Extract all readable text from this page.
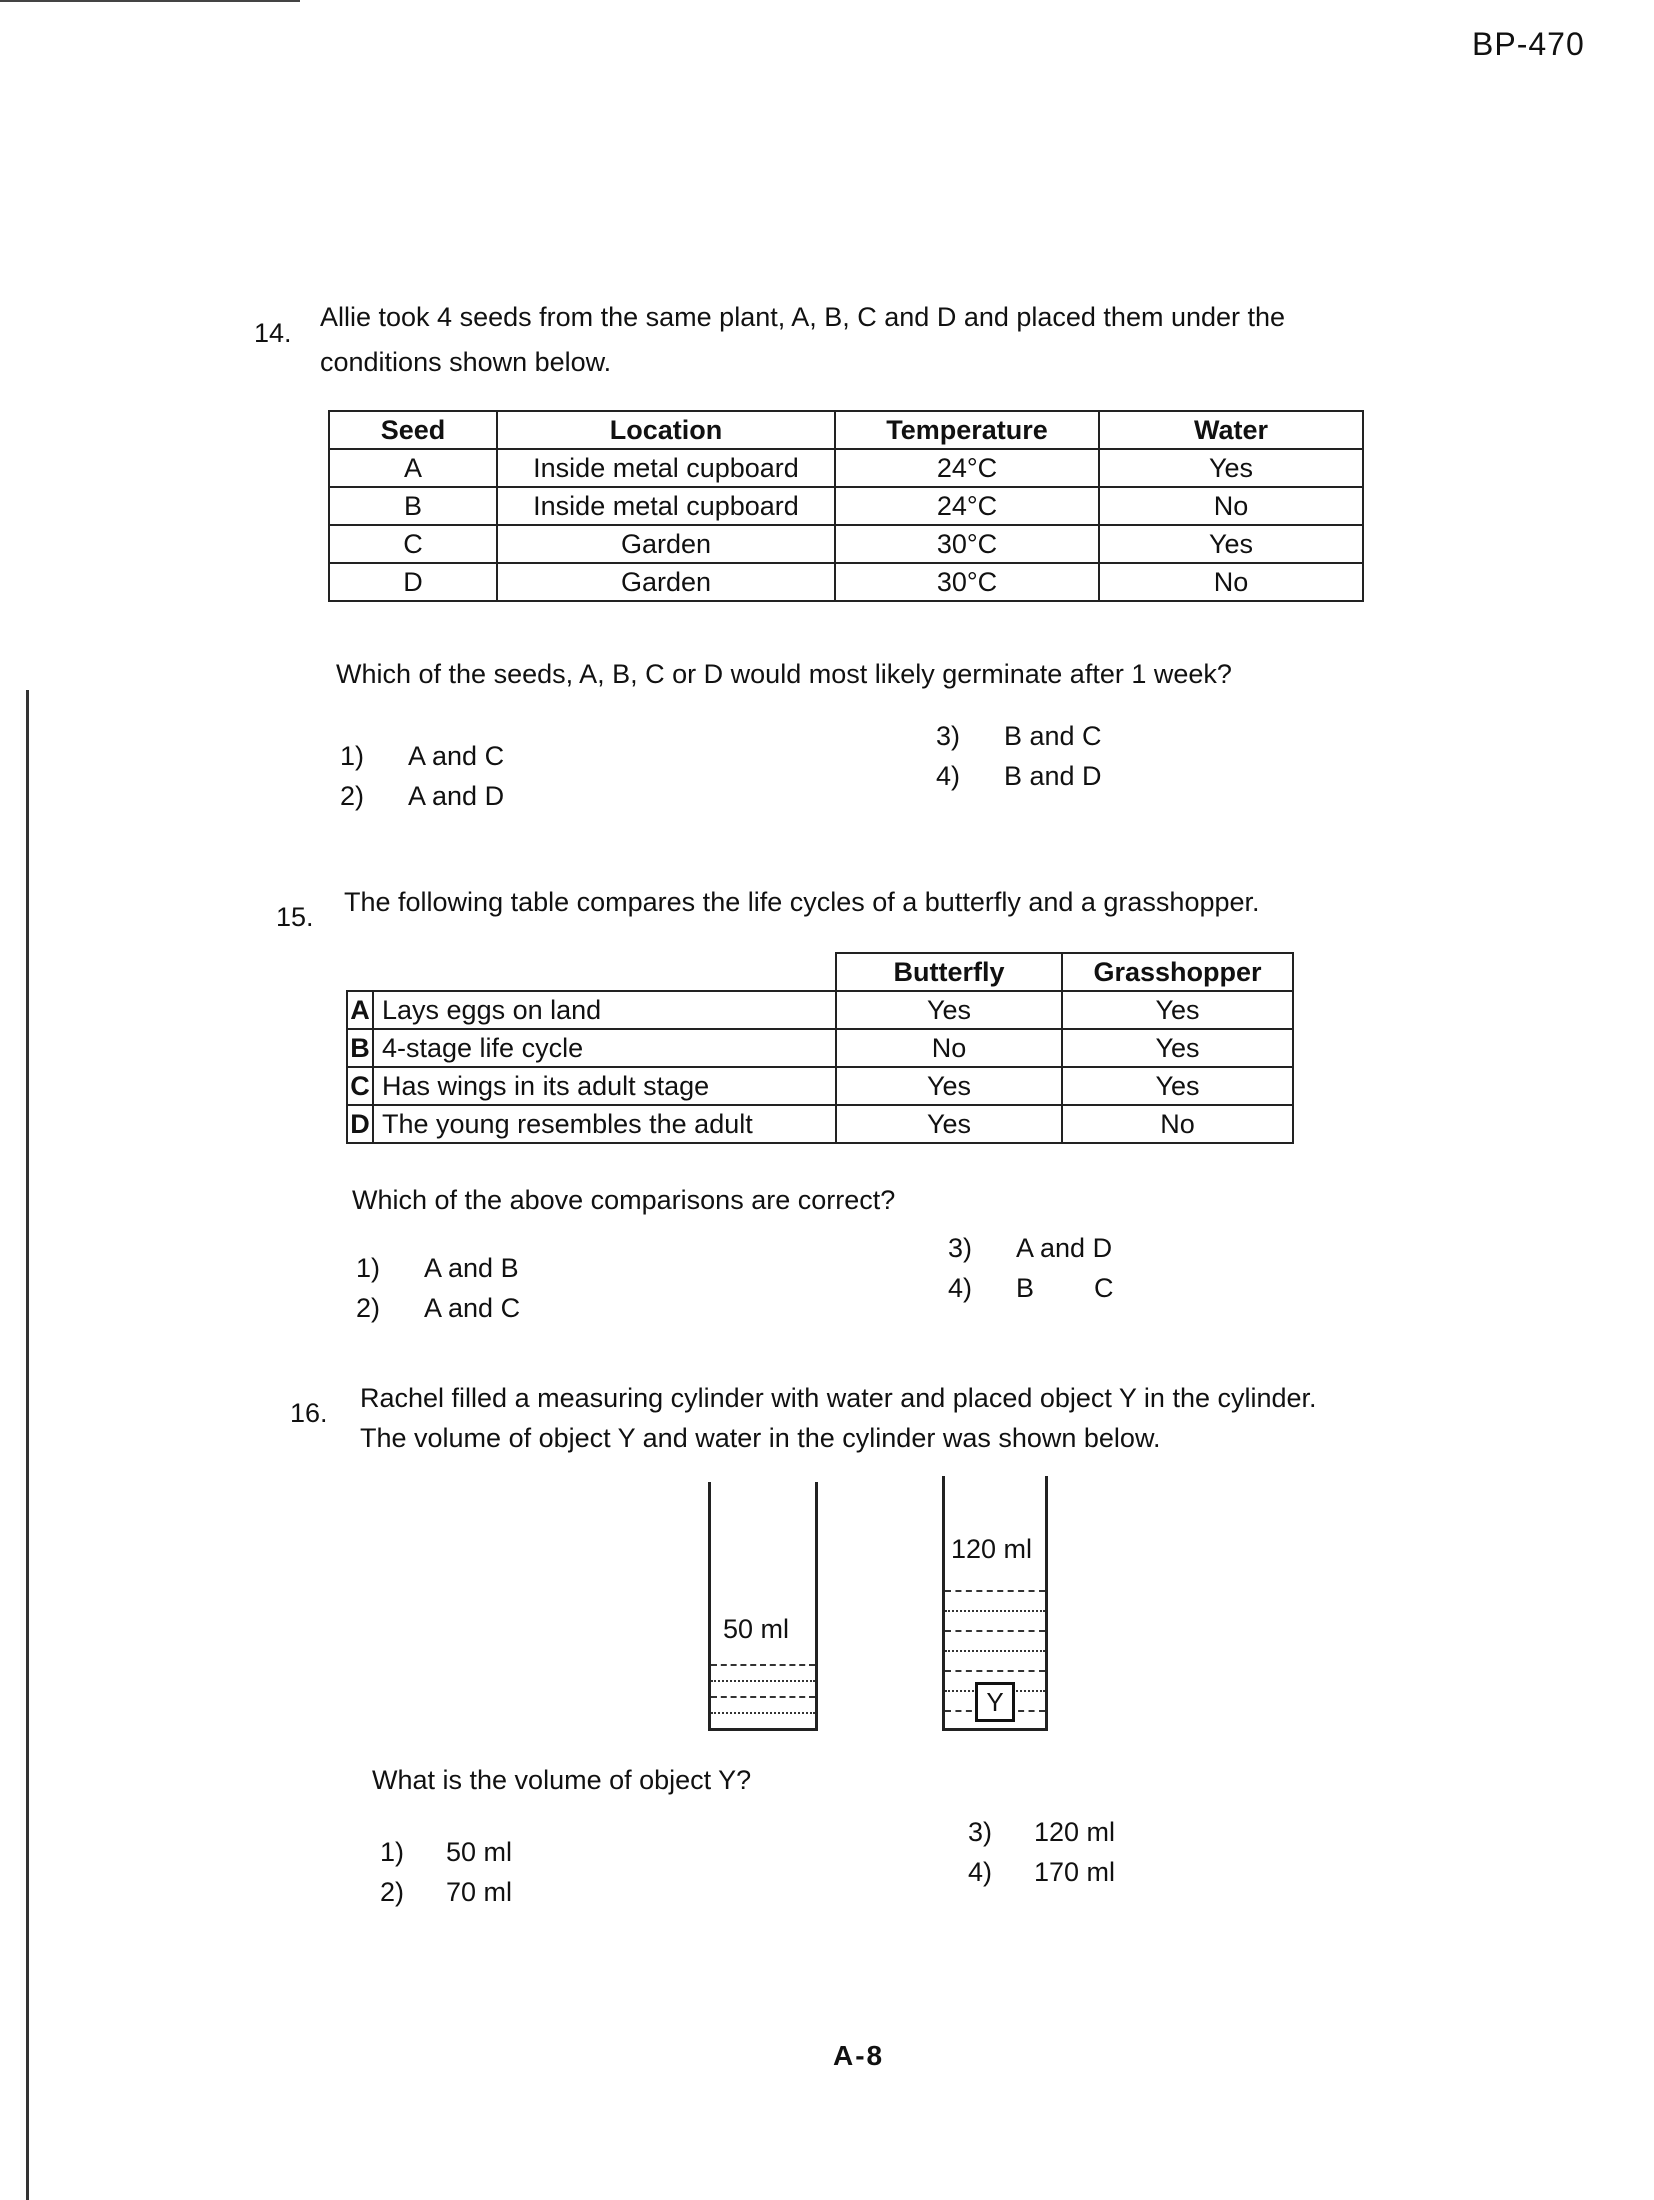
BP-470
14.
Allie took 4 seeds from the same plant, A, B, C and D and placed them under the
conditions shown below.
Seed	Location	Temperature	Water
A	Inside metal cupboard	24°C	Yes
B	Inside metal cupboard	24°C	No
C	Garden	30°C	Yes
D	Garden	30°C	No
Which of the seeds, A, B, C or D would most likely germinate after 1 week?
1) A and C
2) A and D
3) B and C
4) B and D
15. The following table compares the life cycles of a butterfly and a grasshopper.
		Butterfly	Grasshopper
A	Lays eggs on land	Yes	Yes
B	4-stage life cycle	No	Yes
C	Has wings in its adult stage	Yes	Yes
D	The young resembles the adult	Yes	No
Which of the above comparisons are correct?
1) A and B
2) A and C
3) A and D
4) B        C
16. Rachel filled a measuring cylinder with water and placed object Y in the cylinder.
The volume of object Y and water in the cylinder was shown below.
50 ml
120 ml
Y
What is the volume of object Y?
1) 50 ml
2) 70 ml
3) 120 ml
4) 170 ml
A-8
